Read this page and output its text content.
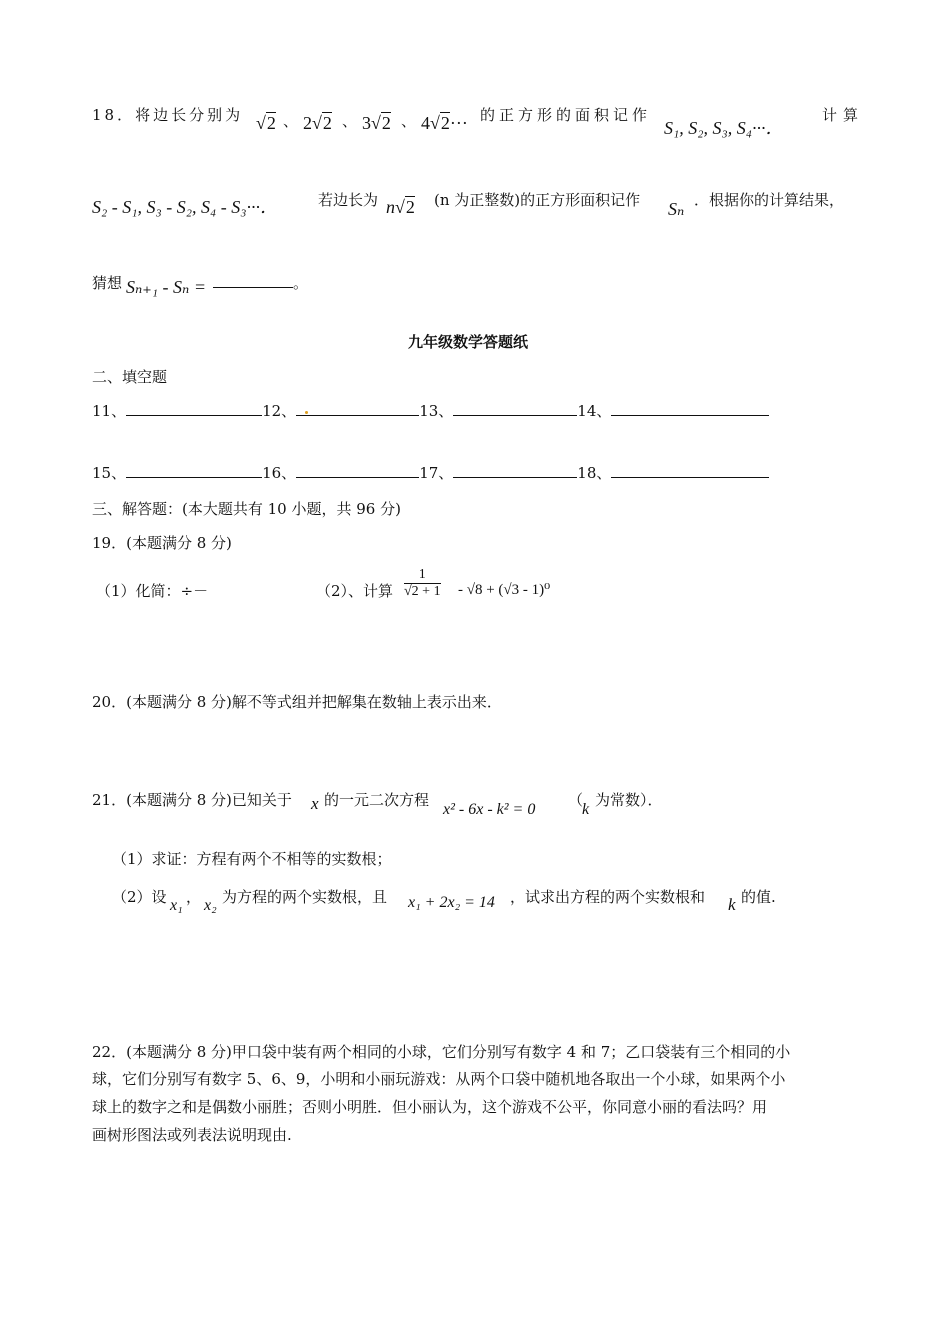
18．将边长分别为 √2 、 2√2 、 3√2 、 4√2··· 的正方形的面积记作
S₁, S₂, S₃, S₄···．
计算
S₂ - S₁, S₃ - S₂, S₄ - S₃···．	若边长为 n√2 (n 为正整数)的正方形面积记作 Sₙ ．根据你的计算结果，
猜想 Sₙ₊₁ - Sₙ =	。
九年级数学答题纸
二、填空题
11、	12、	13、	14、
15、	16、	17、	18、
三、解答题：(本大题共有 10 小题，共 96 分)
19．(本题满分 8 分)
（1）化简：÷－	（2）、计算 $\frac{1}{√2 + 1} - √8 + (√3 - 1)^0$
20．(本题满分 8 分)解不等式组并把解集在数轴上表示出来．
21．(本题满分 8 分)已知关于 x 的一元二次方程
x² - 6x - k² = 0
（
k
为常数）．
（1）求证：方程有两个不相等的实数根；
（2）设 x₁ ， x₂ 为方程的两个实数根，且 x₁ + 2x₂ = 14 ，试求出方程的两个实数根和 k 的值.
22．(本题满分 8 分)甲口袋中装有两个相同的小球，它们分别写有数字 4 和 7；乙口袋装有三个相同的小
球，它们分别写有数字 5、6、9，小明和小丽玩游戏：从两个口袋中随机地各取出一个小球，如果两个小
球上的数字之和是偶数小丽胜；否则小明胜．但小丽认为，这个游戏不公平，你同意小丽的看法吗？用
画树形图法或列表法说明现由.
